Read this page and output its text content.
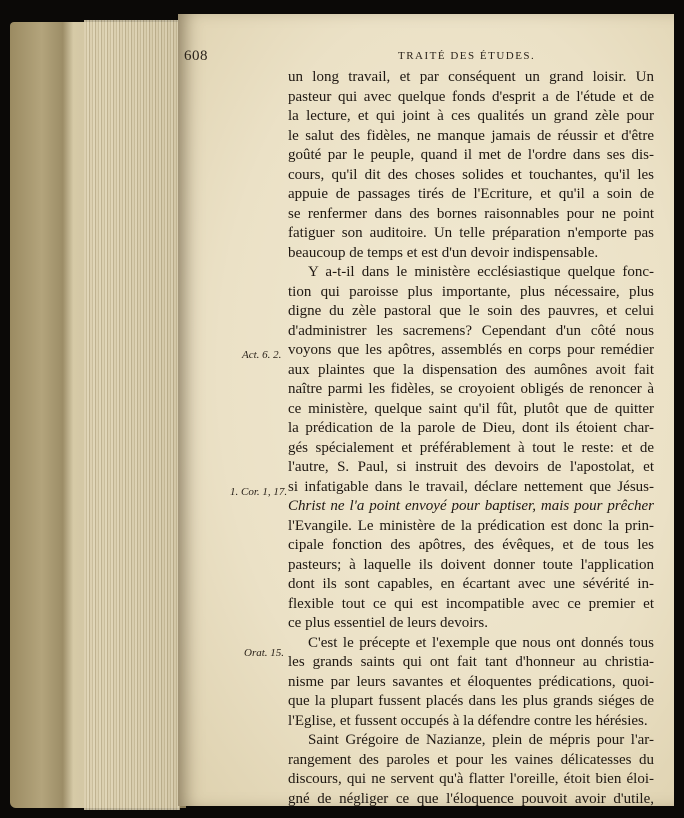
608	TRAITÉ DES ÉTUDES.
Act. 6. 2.
1. Cor. 1, 17.
Orat. 15.
un long travail, et par conséquent un grand loisir. Un
pasteur qui avec quelque fonds d'esprit a de l'étude et de
la lecture, et qui joint à ces qualités un grand zèle pour
le salut des fidèles, ne manque jamais de réussir et d'être
goûté par le peuple, quand il met de l'ordre dans ses dis-
cours, qu'il dit des choses solides et touchantes, qu'il les
appuie de passages tirés de l'Ecriture, et qu'il a soin de
se renfermer dans des bornes raisonnables pour ne point
fatiguer son auditoire. Un telle préparation n'emporte pas
beaucoup de temps et est d'un devoir indispensable.
Y a-t-il dans le ministère ecclésiastique quelque fonc-
tion qui paroisse plus importante, plus nécessaire, plus
digne du zèle pastoral que le soin des pauvres, et celui
d'administrer les sacremens? Cependant d'un côté nous
voyons que les apôtres, assemblés en corps pour remédier
aux plaintes que la dispensation des aumônes avoit fait
naître parmi les fidèles, se croyoient obligés de renoncer à
ce ministère, quelque saint qu'il fût, plutôt que de quitter
la prédication de la parole de Dieu, dont ils étoient char-
gés spécialement et préférablement à tout le reste: et de
l'autre, S. Paul, si instruit des devoirs de l'apostolat, et
si infatigable dans le travail, déclare nettement que Jésus-
Christ ne l'a point envoyé pour baptiser, mais pour prêcher
l'Evangile. Le ministère de la prédication est donc la prin-
cipale fonction des apôtres, des évêques, et de tous les
pasteurs; à laquelle ils doivent donner toute l'application
dont ils sont capables, en écartant avec une sévérité in-
flexible tout ce qui est incompatible avec ce premier et
ce plus essentiel de leurs devoirs.
C'est le précepte et l'exemple que nous ont donnés tous
les grands saints qui ont fait tant d'honneur au christia-
nisme par leurs savantes et éloquentes prédications, quoi-
que la plupart fussent placés dans les plus grands siéges de
l'Eglise, et fussent occupés à la défendre contre les hérésies.
Saint Grégoire de Nazianze, plein de mépris pour l'ar-
rangement des paroles et pour les vaines délicatesses du
discours, qui ne servent qu'à flatter l'oreille, étoit bien éloi-
gné de négliger ce que l'éloquence pouvoit avoir d'utile,
